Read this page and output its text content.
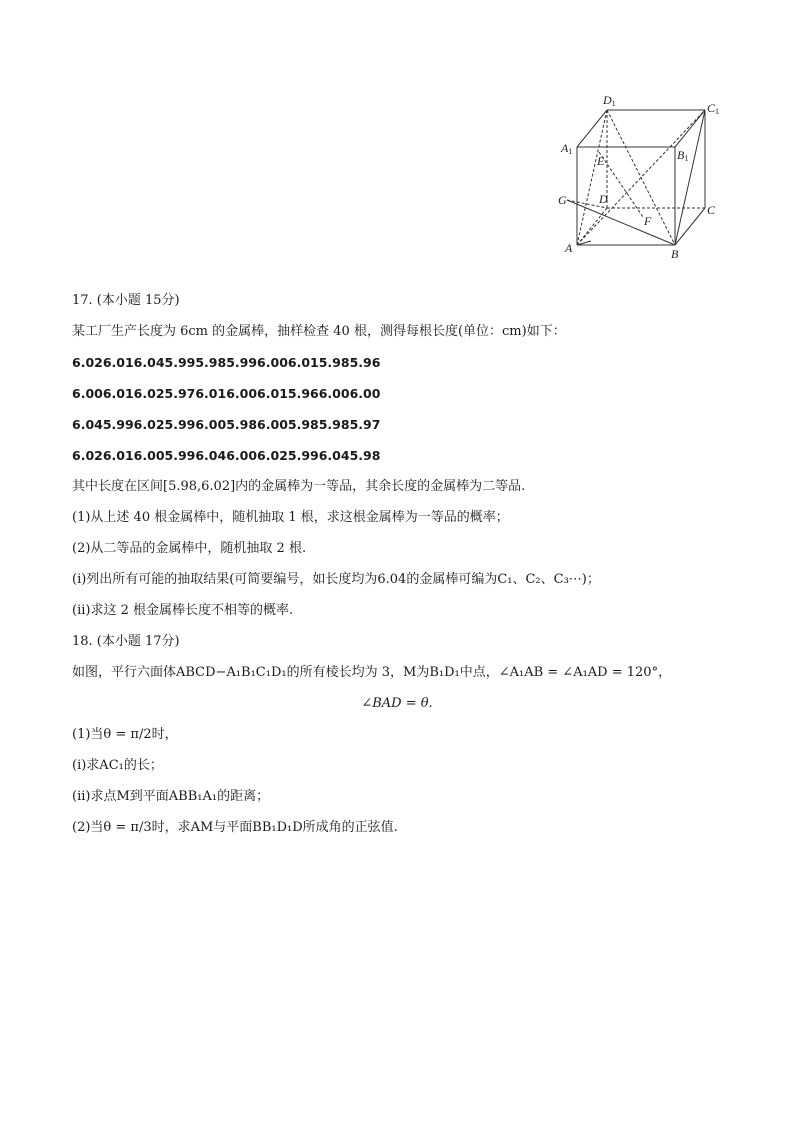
D1	C1
A1	B1
E
G	D
C
F
A	B
17. (本小题 15分)
某工厂生产长度为 6cm 的金属棒，抽样检查 40 根，测得每根长度(单位：cm)如下：
6.026.016.045.995.985.996.006.015.985.96
6.006.016.025.976.016.006.015.966.006.00
6.045.996.025.996.005.986.005.985.985.97
6.026.016.005.996.046.006.025.996.045.98
其中长度在区间[5.98,6.02]内的金属棒为一等品，其余长度的金属棒为二等品.
(1)从上述 40 根金属棒中，随机抽取 1 根，求这根金属棒为一等品的概率；
(2)从二等品的金属棒中，随机抽取 2 根.
(i)列出所有可能的抽取结果(可简要编号，如长度均为6.04的金属棒可编为C₁、C₂、C₃⋯)；
(ii)求这 2 根金属棒长度不相等的概率.
18. (本小题 17分)
如图，平行六面体ABCD−A₁B₁C₁D₁的所有棱长均为 3，M为B₁D₁中点，∠A₁AB = ∠A₁AD = 120°，
∠BAD = θ.
(1)当θ = π/2时，
(i)求AC₁的长；
(ii)求点M到平面ABB₁A₁的距离；
(2)当θ = π/3时，求AM与平面BB₁D₁D所成角的正弦值.
